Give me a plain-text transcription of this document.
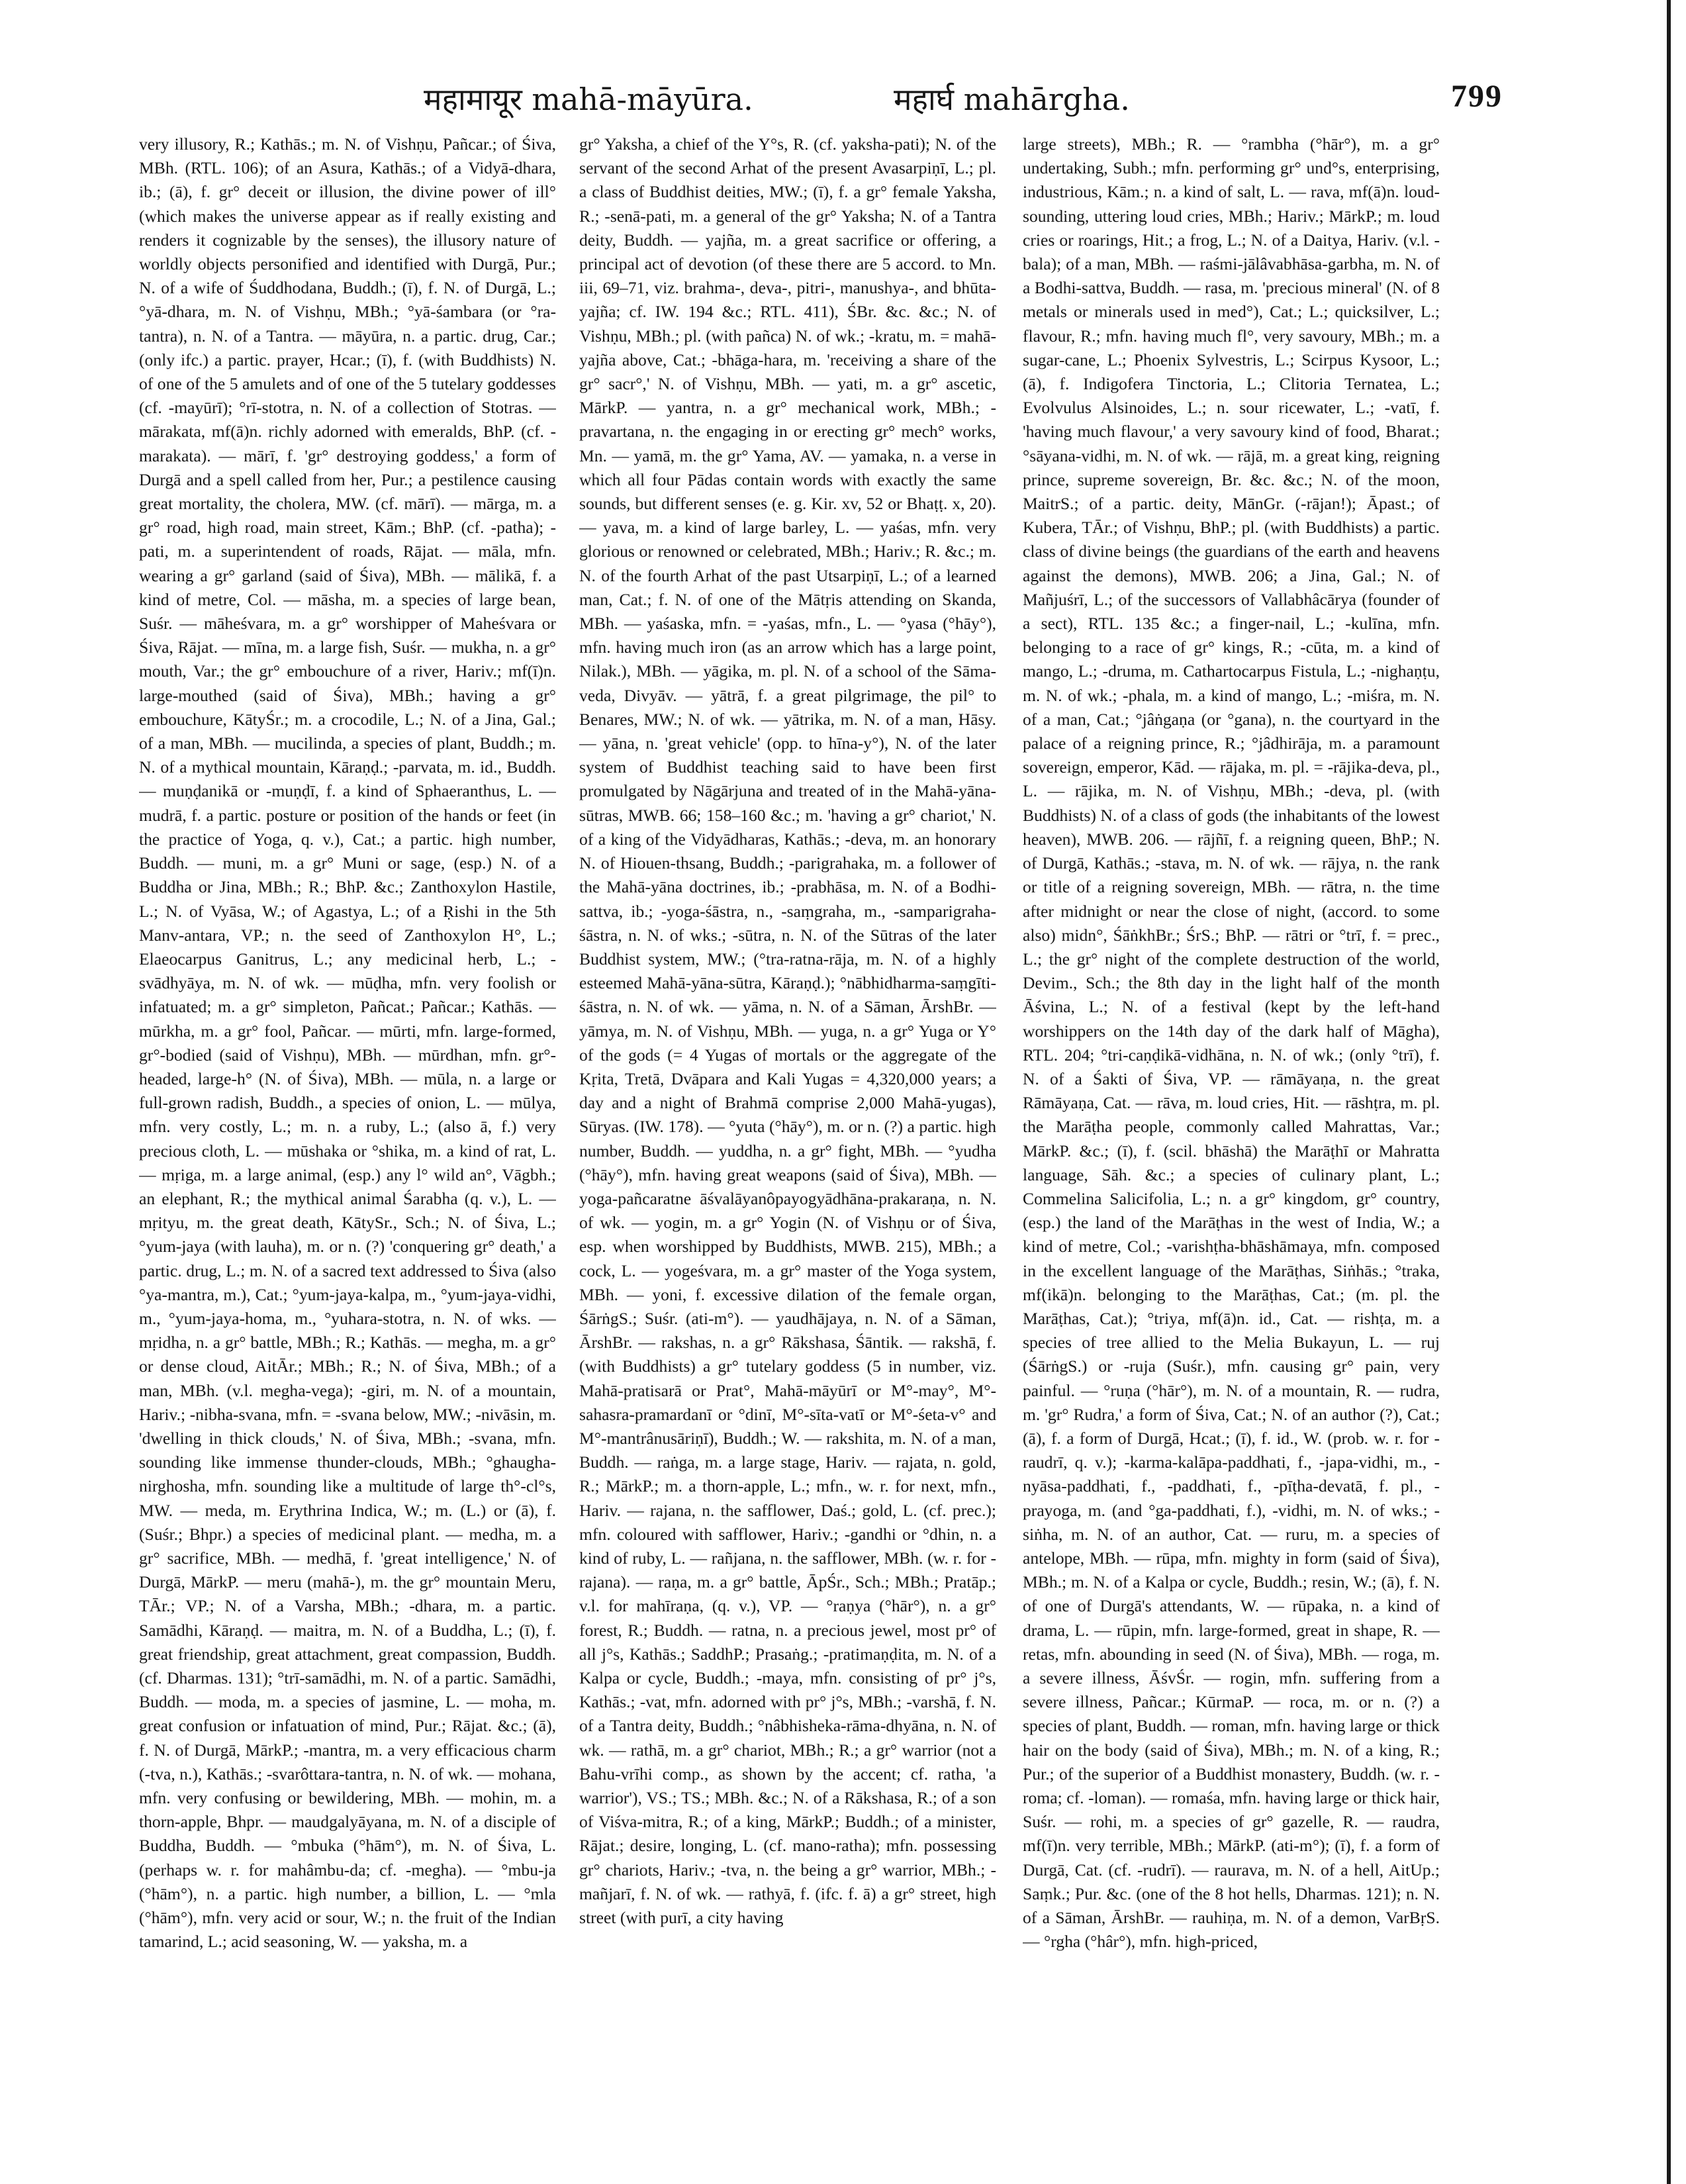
महामायूर mahā-māyūra.	महार्घ mahārgha.	799

very illusory, R.; Kathās.; m. N. of Vishṇu, Pañcar.; of Śiva, MBh. (RTL. 106); of an Asura, Kathās.; of a Vidyā-dhara, ib.; (ā), f. gr° deceit or illusion, the divine power of ill° (which makes the universe appear as if really existing and renders it cognizable by the senses), the illusory nature of worldly objects personified and identified with Durgā, Pur.; N. of a wife of Śuddhodana, Buddh.; (ī), f. N. of Durgā, L.; °yā-dhara, m. N. of Vishṇu, MBh.; °yā-śambara (or °ra-tantra), n. N. of a Tantra. — māyūra, n. a partic. drug, Car.; (only ifc.) a partic. prayer, Hcar.; (ī), f. (with Buddhists) N. of one of the 5 amulets and of one of the 5 tutelary goddesses (cf. -mayūrī); °rī-stotra, n. N. of a collection of Stotras. — mārakata, mf(ā)n. richly adorned with emeralds, BhP. (cf. -marakata). — mārī, f. 'gr° destroying goddess,' a form of Durgā and a spell called from her, Pur.; a pestilence causing great mortality, the cholera, MW. (cf. mārī). — mārga, m. a gr° road, high road, main street, Kām.; BhP. (cf. -patha); -pati, m. a superintendent of roads, Rājat. — māla, mfn. wearing a gr° garland (said of Śiva), MBh. — mālikā, f. a kind of metre, Col. — māsha, m. a species of large bean, Suśr. — māheśvara, m. a gr° worshipper of Maheśvara or Śiva, Rājat. — mīna, m. a large fish, Suśr. — mukha, n. a gr° mouth, Var.; the gr° embouchure of a river, Hariv.; mf(ī)n. large-mouthed (said of Śiva), MBh.; having a gr° embouchure, KātyŚr.; m. a crocodile, L.; N. of a Jina, Gal.; of a man, MBh. — mucilinda, a species of plant, Buddh.; m. N. of a mythical mountain, Kāraṇḍ.; -parvata, m. id., Buddh. — muṇḍanikā or -muṇḍī, f. a kind of Sphaeranthus, L. — mudrā, f. a partic. posture or position of the hands or feet (in the practice of Yoga, q. v.), Cat.; a partic. high number, Buddh. — muni, m. a gr° Muni or sage, (esp.) N. of a Buddha or Jina, MBh.; R.; BhP. &c.; Zanthoxylon Hastile, L.; N. of Vyāsa, W.; of Agastya, L.; of a Ṛishi in the 5th Manv-antara, VP.; n. the seed of Zanthoxylon H°, L.; Elaeocarpus Ganitrus, L.; any medicinal herb, L.; -svādhyāya, m. N. of wk. — mūḍha, mfn. very foolish or infatuated; m. a gr° simpleton, Pañcat.; Pañcar.; Kathās. — mūrkha, m. a gr° fool, Pañcar. — mūrti, mfn. large-formed, gr°-bodied (said of Vishṇu), MBh. — mūrdhan, mfn. gr°-headed, large-h° (N. of Śiva), MBh. — mūla, n. a large or full-grown radish, Buddh., a species of onion, L. — mūlya, mfn. very costly, L.; m. n. a ruby, L.; (also ā, f.) very precious cloth, L. — mūshaka or °shika, m. a kind of rat, L. — mṛiga, m. a large animal, (esp.) any l° wild an°, Vāgbh.; an elephant, R.; the mythical animal Śarabha (q. v.), L. — mṛityu, m. the great death, KātySr., Sch.; N. of Śiva, L.; °yum-jaya (with lauha), m. or n. (?) 'conquering gr° death,' a partic. drug, L.; m. N. of a sacred text addressed to Śiva (also °ya-mantra, m.), Cat.; °yum-jaya-kalpa, m., °yum-jaya-vidhi, m., °yum-jaya-homa, m., °yuhara-stotra, n. N. of wks. — mṛidha, n. a gr° battle, MBh.; R.; Kathās. — megha, m. a gr° or dense cloud, AitĀr.; MBh.; R.; N. of Śiva, MBh.; of a man, MBh. (v.l. megha-vega); -giri, m. N. of a mountain, Hariv.; -nibha-svana, mfn. = -svana below, MW.; -nivāsin, m. 'dwelling in thick clouds,' N. of Śiva, MBh.; -svana, mfn. sounding like immense thunder-clouds, MBh.; °ghaugha-nirghosha, mfn. sounding like a multitude of large th°-cl°s, MW. — meda, m. Erythrina Indica, W.; m. (L.) or (ā), f. (Suśr.; Bhpr.) a species of medicinal plant. — medha, m. a gr° sacrifice, MBh. — medhā, f. 'great intelligence,' N. of Durgā, MārkP. — meru (mahā-), m. the gr° mountain Meru, TĀr.; VP.; N. of a Varsha, MBh.; -dhara, m. a partic. Samādhi, Kāraṇḍ. — maitra, m. N. of a Buddha, L.; (ī), f. great friendship, great attachment, great compassion, Buddh. (cf. Dharmas. 131); °trī-samādhi, m. N. of a partic. Samādhi, Buddh. — moda, m. a species of jasmine, L. — moha, m. great confusion or infatuation of mind, Pur.; Rājat. &c.; (ā), f. N. of Durgā, MārkP.; -mantra, m. a very efficacious charm (-tva, n.), Kathās.; -svarôttara-tantra, n. N. of wk. — mohana, mfn. very confusing or bewildering, MBh. — mohin, m. a thorn-apple, Bhpr. — maudgalyāyana, m. N. of a disciple of Buddha, Buddh. — °mbuka (°hām°), m. N. of Śiva, L. (perhaps w. r. for mahâmbu-da; cf. -megha). — °mbu-ja (°hām°), n. a partic. high number, a billion, L. — °mla (°hām°), mfn. very acid or sour, W.; n. the fruit of the Indian tamarind, L.; acid seasoning, W. — yaksha, m. a

gr° Yaksha, a chief of the Y°s, R. (cf. yaksha-pati); N. of the servant of the second Arhat of the present Avasarpiṇī, L.; pl. a class of Buddhist deities, MW.; (ī), f. a gr° female Yaksha, R.; -senā-pati, m. a general of the gr° Yaksha; N. of a Tantra deity, Buddh. — yajña, m. a great sacrifice or offering, a principal act of devotion (of these there are 5 accord. to Mn. iii, 69–71, viz. brahma-, deva-, pitri-, manushya-, and bhūta-yajña; cf. IW. 194 &c.; RTL. 411), ŚBr. &c. &c.; N. of Vishṇu, MBh.; pl. (with pañca) N. of wk.; -kratu, m. = mahā-yajña above, Cat.; -bhāga-hara, m. 'receiving a share of the gr° sacr°,' N. of Vishṇu, MBh. — yati, m. a gr° ascetic, MārkP. — yantra, n. a gr° mechanical work, MBh.; -pravartana, n. the engaging in or erecting gr° mech° works, Mn. — yamā, m. the gr° Yama, AV. — yamaka, n. a verse in which all four Pādas contain words with exactly the same sounds, but different senses (e. g. Kir. xv, 52 or Bhaṭṭ. x, 20). — yava, m. a kind of large barley, L. — yaśas, mfn. very glorious or renowned or celebrated, MBh.; Hariv.; R. &c.; m. N. of the fourth Arhat of the past Utsarpiṇī, L.; of a learned man, Cat.; f. N. of one of the Mātṛis attending on Skanda, MBh. — yaśaska, mfn. = -yaśas, mfn., L. — °yasa (°hāy°), mfn. having much iron (as an arrow which has a large point, Nilak.), MBh. — yāgika, m. pl. N. of a school of the Sāma-veda, Divyāv. — yātrā, f. a great pilgrimage, the pil° to Benares, MW.; N. of wk. — yātrika, m. N. of a man, Hāsy. — yāna, n. 'great vehicle' (opp. to hīna-y°), N. of the later system of Buddhist teaching said to have been first promulgated by Nāgārjuna and treated of in the Mahā-yāna-sūtras, MWB. 66; 158–160 &c.; m. 'having a gr° chariot,' N. of a king of the Vidyādharas, Kathās.; -deva, m. an honorary N. of Hiouen-thsang, Buddh.; -parigrahaka, m. a follower of the Mahā-yāna doctrines, ib.; -prabhāsa, m. N. of a Bodhi-sattva, ib.; -yoga-śāstra, n., -saṃgraha, m., -samparigraha-śāstra, n. N. of wks.; -sūtra, n. N. of the Sūtras of the later Buddhist system, MW.; (°tra-ratna-rāja, m. N. of a highly esteemed Mahā-yāna-sūtra, Kāraṇḍ.); °nābhidharma-saṃgīti-śāstra, n. N. of wk. — yāma, n. N. of a Sāman, ĀrshBr. — yāmya, m. N. of Vishṇu, MBh. — yuga, n. a gr° Yuga or Y° of the gods (= 4 Yugas of mortals or the aggregate of the Kṛita, Tretā, Dvāpara and Kali Yugas = 4,320,000 years; a day and a night of Brahmā comprise 2,000 Mahā-yugas), Sūryas. (IW. 178). — °yuta (°hāy°), m. or n. (?) a partic. high number, Buddh. — yuddha, n. a gr° fight, MBh. — °yudha (°hāy°), mfn. having great weapons (said of Śiva), MBh. — yoga-pañcaratne āśvalāyanôpayogyādhāna-prakaraṇa, n. N. of wk. — yogin, m. a gr° Yogin (N. of Vishṇu or of Śiva, esp. when worshipped by Buddhists, MWB. 215), MBh.; a cock, L. — yogeśvara, m. a gr° master of the Yoga system, MBh. — yoni, f. excessive dilation of the female organ, ŚārṅgS.; Suśr. (ati-m°). — yaudhājaya, n. N. of a Sāman, ĀrshBr. — rakshas, n. a gr° Rākshasa, Śāntik. — rakshā, f. (with Buddhists) a gr° tutelary goddess (5 in number, viz. Mahā-pratisarā or Prat°, Mahā-māyūrī or M°-may°, M°-sahasra-pramardanī or °dinī, M°-sīta-vatī or M°-śeta-v° and M°-mantrânusāriṇī), Buddh.; W. — rakshita, m. N. of a man, Buddh. — raṅga, m. a large stage, Hariv. — rajata, n. gold, R.; MārkP.; m. a thorn-apple, L.; mfn., w. r. for next, mfn., Hariv. — rajana, n. the safflower, Daś.; gold, L. (cf. prec.); mfn. coloured with safflower, Hariv.; -gandhi or °dhin, n. a kind of ruby, L. — rañjana, n. the safflower, MBh. (w. r. for -rajana). — raṇa, m. a gr° battle, ĀpŚr., Sch.; MBh.; Pratāp.; v.l. for mahīraṇa, (q. v.), VP. — °raṇya (°hār°), n. a gr° forest, R.; Buddh. — ratna, n. a precious jewel, most pr° of all j°s, Kathās.; SaddhP.; Prasaṅg.; -pratimaṇḍita, m. N. of a Kalpa or cycle, Buddh.; -maya, mfn. consisting of pr° j°s, Kathās.; -vat, mfn. adorned with pr° j°s, MBh.; -varshā, f. N. of a Tantra deity, Buddh.; °nâbhisheka-rāma-dhyāna, n. N. of wk. — rathā, m. a gr° chariot, MBh.; R.; a gr° warrior (not a Bahu-vrīhi comp., as shown by the accent; cf. ratha, 'a warrior'), VS.; TS.; MBh. &c.; N. of a Rākshasa, R.; of a son of Viśva-mitra, R.; of a king, MārkP.; Buddh.; of a minister, Rājat.; desire, longing, L. (cf. mano-ratha); mfn. possessing gr° chariots, Hariv.; -tva, n. the being a gr° warrior, MBh.; -mañjarī, f. N. of wk. — rathyā, f. (ifc. f. ā) a gr° street, high street (with purī, a city having

large streets), MBh.; R. — °rambha (°hār°), m. a gr° undertaking, Subh.; mfn. performing gr° und°s, enterprising, industrious, Kām.; n. a kind of salt, L. — rava, mf(ā)n. loud-sounding, uttering loud cries, MBh.; Hariv.; MārkP.; m. loud cries or roarings, Hit.; a frog, L.; N. of a Daitya, Hariv. (v.l. -bala); of a man, MBh. — raśmi-jālâvabhāsa-garbha, m. N. of a Bodhi-sattva, Buddh. — rasa, m. 'precious mineral' (N. of 8 metals or minerals used in med°), Cat.; L.; quicksilver, L.; flavour, R.; mfn. having much fl°, very savoury, MBh.; m. a sugar-cane, L.; Phoenix Sylvestris, L.; Scirpus Kysoor, L.; (ā), f. Indigofera Tinctoria, L.; Clitoria Ternatea, L.; Evolvulus Alsinoides, L.; n. sour ricewater, L.; -vatī, f. 'having much flavour,' a very savoury kind of food, Bharat.; °sāyana-vidhi, m. N. of wk. — rājā, m. a great king, reigning prince, supreme sovereign, Br. &c. &c.; N. of the moon, MaitrS.; of a partic. deity, MānGr. (-rājan!); Āpast.; of Kubera, TĀr.; of Vishṇu, BhP.; pl. (with Buddhists) a partic. class of divine beings (the guardians of the earth and heavens against the demons), MWB. 206; a Jina, Gal.; N. of Mañjuśrī, L.; of the successors of Vallabhâcārya (founder of a sect), RTL. 135 &c.; a finger-nail, L.; -kulīna, mfn. belonging to a race of gr° kings, R.; -cūta, m. a kind of mango, L.; -druma, m. Cathartocarpus Fistula, L.; -nighaṇṭu, m. N. of wk.; -phala, m. a kind of mango, L.; -miśra, m. N. of a man, Cat.; °jâṅgaṇa (or °gana), n. the courtyard in the palace of a reigning prince, R.; °jâdhirāja, m. a paramount sovereign, emperor, Kād. — rājaka, m. pl. = -rājika-deva, pl., L. — rājika, m. N. of Vishṇu, MBh.; -deva, pl. (with Buddhists) N. of a class of gods (the inhabitants of the lowest heaven), MWB. 206. — rājñī, f. a reigning queen, BhP.; N. of Durgā, Kathās.; -stava, m. N. of wk. — rājya, n. the rank or title of a reigning sovereign, MBh. — rātra, n. the time after midnight or near the close of night, (accord. to some also) midn°, ŚāṅkhBr.; ŚrS.; BhP. — rātri or °trī, f. = prec., L.; the gr° night of the complete destruction of the world, Devim., Sch.; the 8th day in the light half of the month Āśvina, L.; N. of a festival (kept by the left-hand worshippers on the 14th day of the dark half of Māgha), RTL. 204; °tri-caṇḍikā-vidhāna, n. N. of wk.; (only °trī), f. N. of a Śakti of Śiva, VP. — rāmāyaṇa, n. the great Rāmāyaṇa, Cat. — rāva, m. loud cries, Hit. — rāshṭra, m. pl. the Marāṭha people, commonly called Mahrattas, Var.; MārkP. &c.; (ī), f. (scil. bhāshā) the Marāṭhī or Mahratta language, Sāh. &c.; a species of culinary plant, L.; Commelina Salicifolia, L.; n. a gr° kingdom, gr° country, (esp.) the land of the Marāṭhas in the west of India, W.; a kind of metre, Col.; -varishṭha-bhāshāmaya, mfn. composed in the excellent language of the Marāṭhas, Siṅhās.; °traka, mf(ikā)n. belonging to the Marāṭhas, Cat.; (m. pl. the Marāṭhas, Cat.); °triya, mf(ā)n. id., Cat. — rishṭa, m. a species of tree allied to the Melia Bukayun, L. — ruj (ŚārṅgS.) or -ruja (Suśr.), mfn. causing gr° pain, very painful. — °ruṇa (°hār°), m. N. of a mountain, R. — rudra, m. 'gr° Rudra,' a form of Śiva, Cat.; N. of an author (?), Cat.; (ā), f. a form of Durgā, Hcat.; (ī), f. id., W. (prob. w. r. for -raudrī, q. v.); -karma-kalāpa-paddhati, f., -japa-vidhi, m., -nyāsa-paddhati, f., -paddhati, f., -pīṭha-devatā, f. pl., -prayoga, m. (and °ga-paddhati, f.), -vidhi, m. N. of wks.; -siṅha, m. N. of an author, Cat. — ruru, m. a species of antelope, MBh. — rūpa, mfn. mighty in form (said of Śiva), MBh.; m. N. of a Kalpa or cycle, Buddh.; resin, W.; (ā), f. N. of one of Durgā's attendants, W. — rūpaka, n. a kind of drama, L. — rūpin, mfn. large-formed, great in shape, R. — retas, mfn. abounding in seed (N. of Śiva), MBh. — roga, m. a severe illness, ĀśvŚr. — rogin, mfn. suffering from a severe illness, Pañcar.; KūrmaP. — roca, m. or n. (?) a species of plant, Buddh. — roman, mfn. having large or thick hair on the body (said of Śiva), MBh.; m. N. of a king, R.; Pur.; of the superior of a Buddhist monastery, Buddh. (w. r. -roma; cf. -loman). — romaśa, mfn. having large or thick hair, Suśr. — rohi, m. a species of gr° gazelle, R. — raudra, mf(ī)n. very terrible, MBh.; MārkP. (ati-m°); (ī), f. a form of Durgā, Cat. (cf. -rudrī). — raurava, m. N. of a hell, AitUp.; Saṃk.; Pur. &c. (one of the 8 hot hells, Dharmas. 121); n. N. of a Sāman, ĀrshBr. — rauhiṇa, m. N. of a demon, VarBṛS. — °rgha (°hâr°), mfn. high-priced,
